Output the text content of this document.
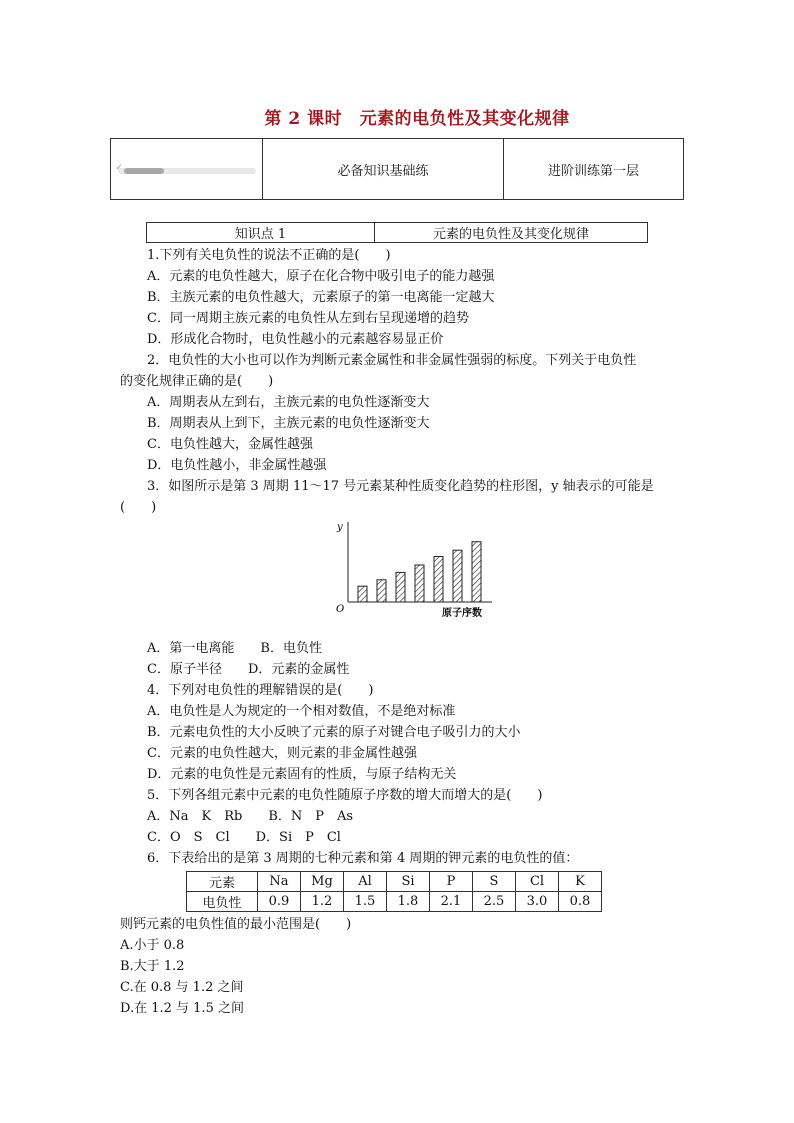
第 2 课时　元素的电负性及其变化规律
✓	必备知识基础练	进阶训练第一层
知识点 1	元素的电负性及其变化规律
1.下列有关电负性的说法不正确的是(　　)
A．元素的电负性越大，原子在化合物中吸引电子的能力越强
B．主族元素的电负性越大，元素原子的第一电离能一定越大
C．同一周期主族元素的电负性从左到右呈现递增的趋势
D．形成化合物时，电负性越小的元素越容易显正价
2．电负性的大小也可以作为判断元素金属性和非金属性强弱的标度。下列关于电负性
的变化规律正确的是(　　)
A．周期表从左到右，主族元素的电负性逐渐变大
B．周期表从上到下，主族元素的电负性逐渐变大
C．电负性越大，金属性越强
D．电负性越小，非金属性越强
3．如图所示是第 3 周期 11～17 号元素某种性质变化趋势的柱形图，y 轴表示的可能是
(　　)
y
O	原子序数
A．第一电离能　　B．电负性
C．原子半径　　D．元素的金属性
4．下列对电负性的理解错误的是(　　)
A．电负性是人为规定的一个相对数值，不是绝对标准
B．元素电负性的大小反映了元素的原子对键合电子吸引力的大小
C．元素的电负性越大，则元素的非金属性越强
D．元素的电负性是元素固有的性质，与原子结构无关
5．下列各组元素中元素的电负性随原子序数的增大而增大的是(　　)
A．Na　K　Rb　　B．N　P　As
C．O　S　Cl　　D．Si　P　Cl
6．下表给出的是第 3 周期的七种元素和第 4 周期的钾元素的电负性的值：
元素	Na	Mg	Al	Si	P	S	Cl	K
电负性	0.9	1.2	1.5	1.8	2.1	2.5	3.0	0.8
则钙元素的电负性值的最小范围是(　　)
A.小于 0.8
B.大于 1.2
C.在 0.8 与 1.2 之间
D.在 1.2 与 1.5 之间
